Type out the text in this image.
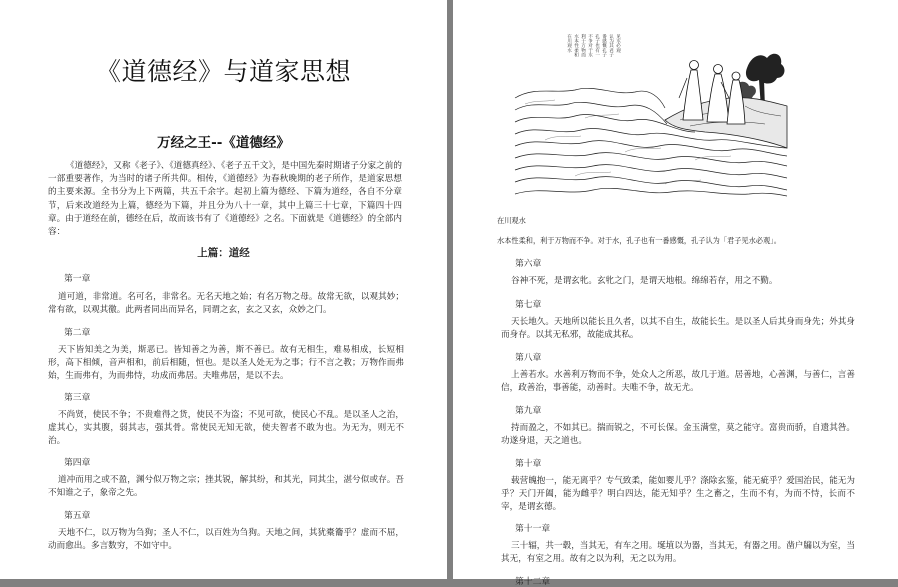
《道德经》与道家思想
万经之王--《道德经》
《道德经》，又称《老子》、《道德真经》、《老子五千文》，是中国先秦时期诸子分家之前的一部重要著作，为当时的诸子所共仰。相传，《道德经》为春秋晚期的老子所作，是道家思想的主要来源。全书分为上下两篇，共五千余字。起初上篇为德经、下篇为道经，各自不分章节，后来改道经为上篇，德经为下篇，并且分为八十一章，其中上篇三十七章，下篇四十四章。由于道经在前，德经在后，故而该书有了《道德经》之名。下面就是《道德经》的全部内容：
上篇：道经
第一章
道可道，非常道。名可名，非常名。无名天地之始；有名万物之母。故常无欲，以观其妙；常有欲，以观其徼。此两者同出而异名，同谓之玄，玄之又玄，众妙之门。
第二章
天下皆知美之为美，斯恶已。皆知善之为善，斯不善已。故有无相生，难易相成，长短相形，高下相倾，音声相和，前后相随，恒也。是以圣人处无为之事；行不言之教；万物作而弗始，生而弗有，为而弗恃，功成而弗居。夫唯弗居，是以不去。
第三章
不尚贤，使民不争；不贵难得之货，使民不为盗；不见可欲，使民心不乱。是以圣人之治，虚其心，实其腹，弱其志，强其骨。常使民无知无欲，使夫智者不敢为也。为无为，则无不治。
第四章
道冲而用之或不盈，渊兮似万物之宗；挫其锐，解其纷，和其光，同其尘，湛兮似或存。吾不知谁之子，象帝之先。
第五章
天地不仁，以万物为刍狗；圣人不仁，以百姓为刍狗。天地之间，其犹橐籥乎？虚而不屈，动而愈出。多言数穷，不如守中。
在川观水 水本性柔和 利于万物而 不争对于水 孔子也有一 番感慨孔子 认为其君子 见水必观
在川观水
水本性柔和，利于万物而不争。对于水，孔子也有一番感慨，孔子认为「君子见水必观」。
第六章
谷神不死，是谓玄牝。玄牝之门，是谓天地根。绵绵若存，用之不勤。
第七章
天长地久。天地所以能长且久者，以其不自生，故能长生。是以圣人后其身而身先；外其身而身存。以其无私邪，故能成其私。
第八章
上善若水。水善利万物而不争，处众人之所恶，故几于道。居善地，心善渊，与善仁，言善信，政善治，事善能，动善时。夫唯不争，故无尤。
第九章
持而盈之，不如其已。揣而锐之，不可长保。金玉满堂，莫之能守。富贵而骄，自遗其咎。功遂身退，天之道也。
第十章
载营魄抱一，能无离乎？专气致柔，能如婴儿乎？涤除玄鉴，能无疵乎？爱国治民，能无为乎？天门开阖，能为雌乎？明白四达，能无知乎？生之畜之，生而不有，为而不恃，长而不宰，是谓玄德。
第十一章
三十辐，共一毂，当其无，有车之用。埏埴以为器，当其无，有器之用。凿户牖以为室，当其无，有室之用。故有之以为利，无之以为用。
第十二章
